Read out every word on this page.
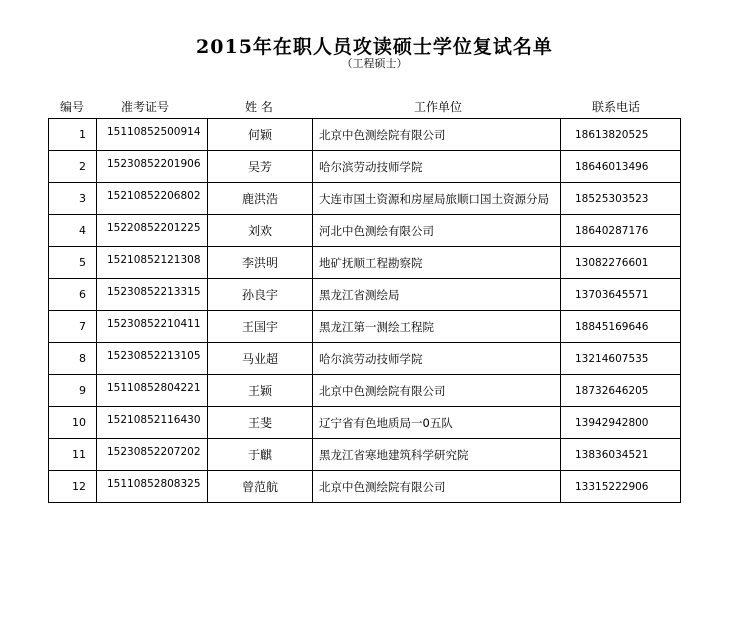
2015年在职人员攻读硕士学位复试名单
（工程硕士）
编号	准考证号	姓 名	工作单位	联系电话
1	15110852500914	何颖	北京中色测绘院有限公司	18613820525
2	15230852201906	吴芳	哈尔滨劳动技师学院	18646013496
3	15210852206802	鹿洪浩	大连市国土资源和房屋局旅顺口国土资源分局	18525303523
4	15220852201225	刘欢	河北中色测绘有限公司	18640287176
5	15210852121308	李洪明	地矿抚顺工程勘察院	13082276601
6	15230852213315	孙良宇	黑龙江省测绘局	13703645571
7	15230852210411	王国宇	黑龙江第一测绘工程院	18845169646
8	15230852213105	马业超	哈尔滨劳动技师学院	13214607535
9	15110852804221	王颖	北京中色测绘院有限公司	18732646205
10	15210852116430	王斐	辽宁省有色地质局一0五队	13942942800
11	15230852207202	于麒	黑龙江省寒地建筑科学研究院	13836034521
12	15110852808325	曾范航	北京中色测绘院有限公司	13315222906
